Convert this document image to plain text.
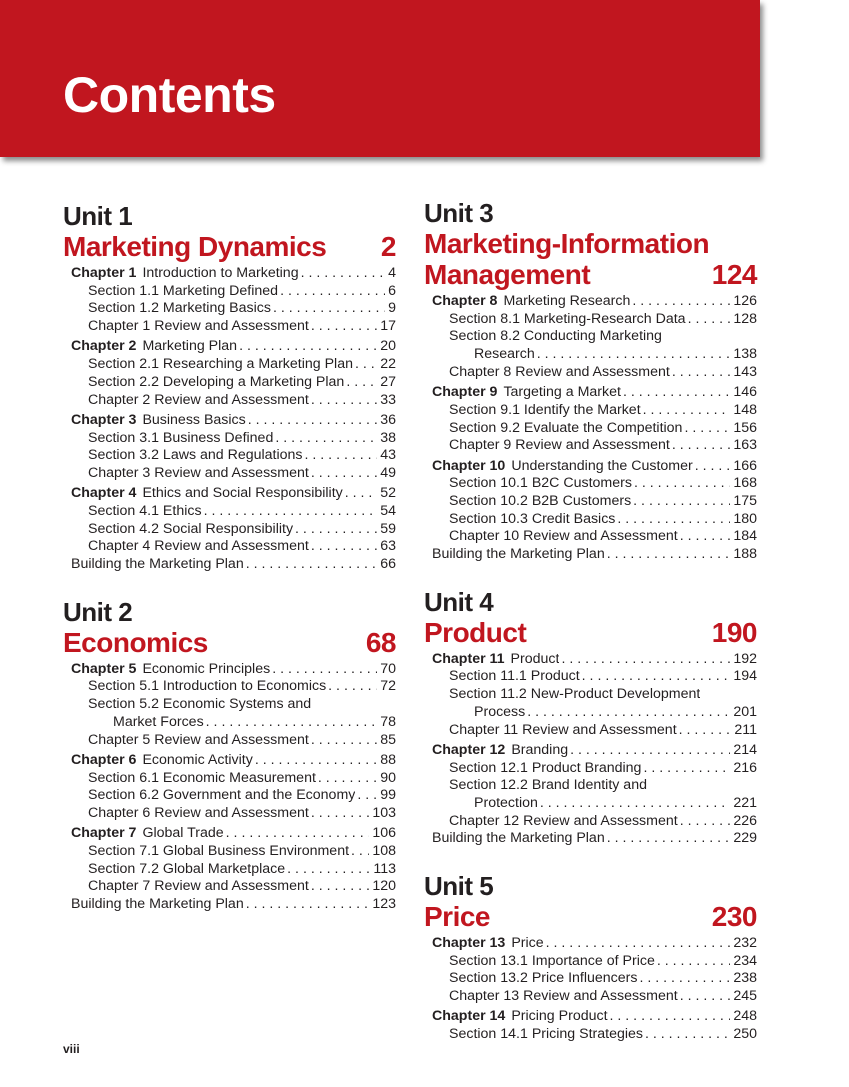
Contents
Unit 1
Marketing Dynamics	2
Chapter 1 Introduction to Marketing . . .	4
Section 1.1 Marketing Defined . . .	6
Section 1.2 Marketing Basics . . .	9
Chapter 1 Review and Assessment . . .	17
Chapter 2 Marketing Plan . . .	20
Section 2.1 Researching a Marketing Plan . . . 22
Section 2.2 Developing a Marketing Plan . . .	27
Chapter 2 Review and Assessment . . .	33
Chapter 3 Business Basics . . .	36
Section 3.1 Business Defined . . .	38
Section 3.2 Laws and Regulations . . .	43
Chapter 3 Review and Assessment . . .	49
Chapter 4 Ethics and Social Responsibility . . .	52
Section 4.1 Ethics . . .	54
Section 4.2 Social Responsibility . . .	59
Chapter 4 Review and Assessment . . .	63
Building the Marketing Plan . . .	66
Unit 2
Economics	68
Chapter 5 Economic Principles . . .	70
Section 5.1 Introduction to Economics . . .	72
Section 5.2 Economic Systems and
Market Forces . . .	78
Chapter 5 Review and Assessment . . .	85
Chapter 6 Economic Activity . . .	88
Section 6.1 Economic Measurement . . .	90
Section 6.2 Government and the Economy . . . 99
Chapter 6 Review and Assessment . . .	103
Chapter 7 Global Trade . . .	106
Section 7.1 Global Business Environment . . . 108
Section 7.2 Global Marketplace . . .	113
Chapter 7 Review and Assessment . . .	120
Building the Marketing Plan . . .	123
Unit 3
Marketing-Information
Management	124
Chapter 8 Marketing Research . . .	126
Section 8.1 Marketing-Research Data . . .	128
Section 8.2 Conducting Marketing
Research . . .	138
Chapter 8 Review and Assessment . . .	143
Chapter 9 Targeting a Market . . .	146
Section 9.1 Identify the Market . . .	148
Section 9.2 Evaluate the Competition . . .	156
Chapter 9 Review and Assessment . . .	163
Chapter 10 Understanding the Customer . . .	166
Section 10.1 B2C Customers . . .	168
Section 10.2 B2B Customers . . .	175
Section 10.3 Credit Basics . . .	180
Chapter 10 Review and Assessment . . .	184
Building the Marketing Plan . . .	188
Unit 4
Product	190
Chapter 11 Product . . .	192
Section 11.1 Product . . .	194
Section 11.2 New-Product Development
Process . . .	201
Chapter 11 Review and Assessment . . .	211
Chapter 12 Branding . . .	214
Section 12.1 Product Branding . . .	216
Section 12.2 Brand Identity and
Protection . . .	221
Chapter 12 Review and Assessment . . .	226
Building the Marketing Plan . . .	229
Unit 5
Price	230
Chapter 13 Price . . .	232
Section 13.1 Importance of Price . . .	234
Section 13.2 Price Influencers . . .	238
Chapter 13 Review and Assessment . . .	245
Chapter 14 Pricing Product . . .	248
Section 14.1 Pricing Strategies . . .	250
viii
